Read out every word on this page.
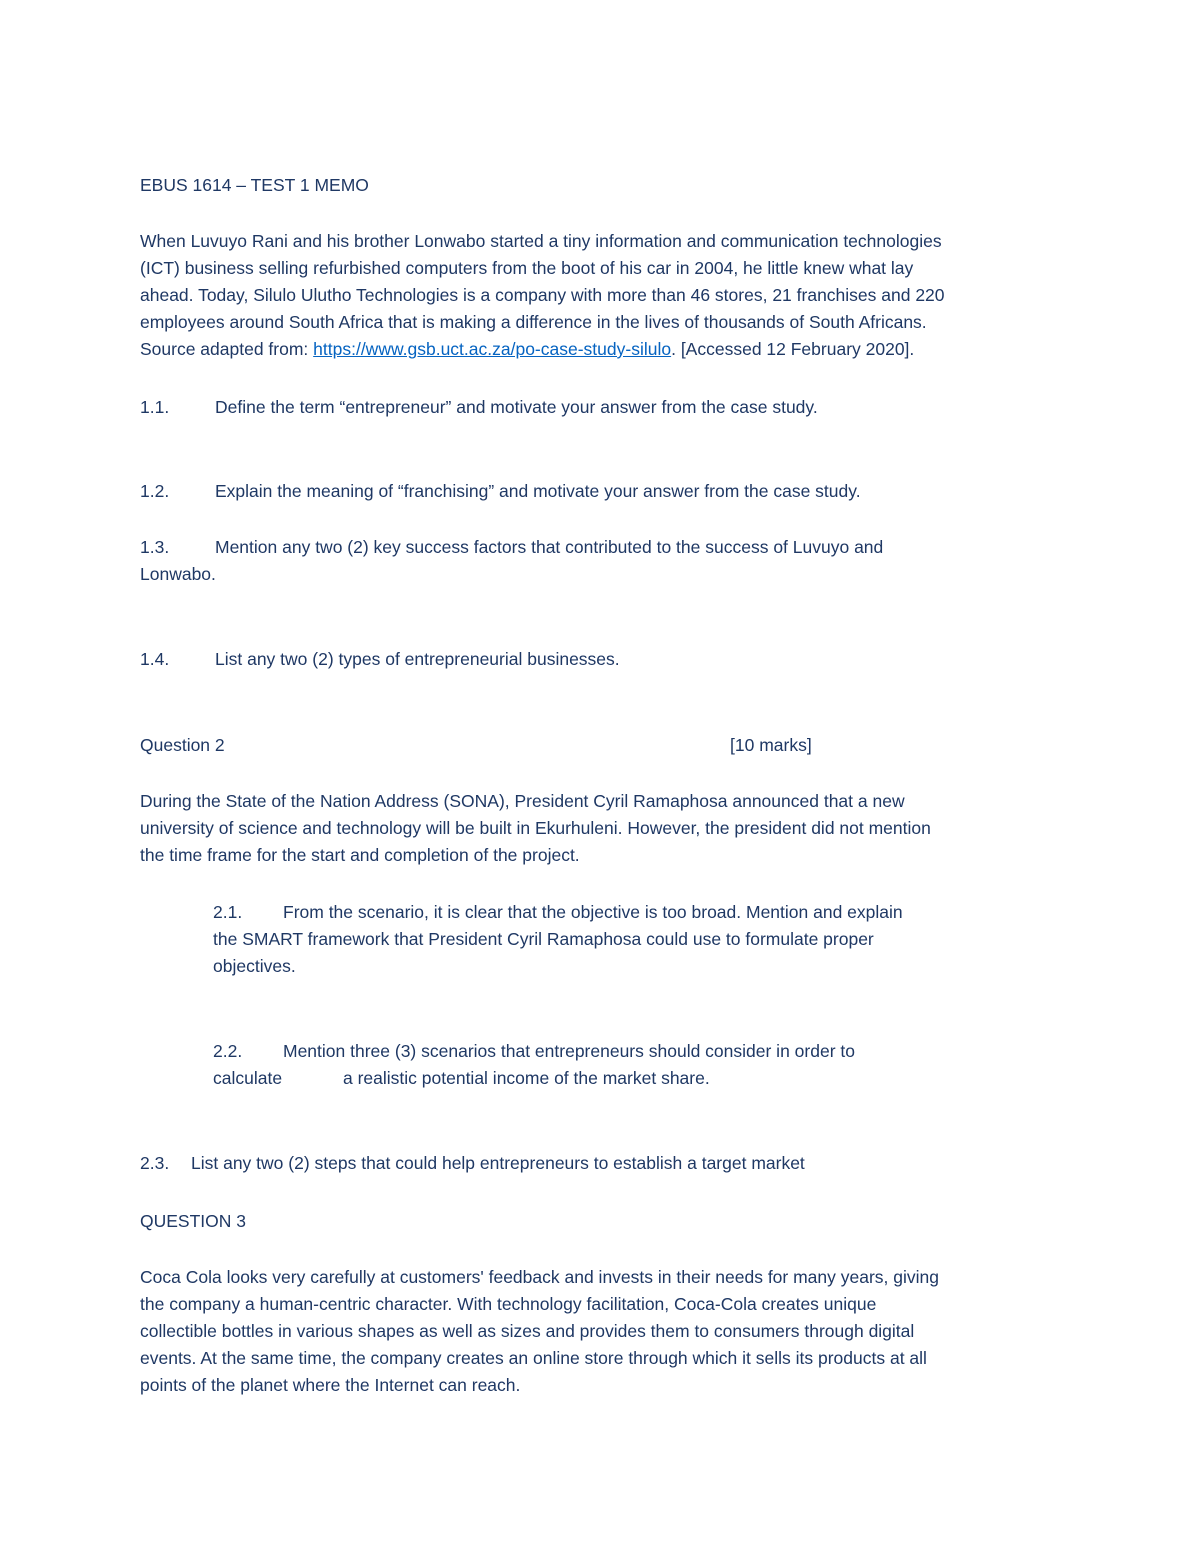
EBUS 1614 – TEST 1 MEMO
When Luvuyo Rani and his brother Lonwabo started a tiny information and communication technologies
(ICT) business selling refurbished computers from the boot of his car in 2004, he little knew what lay
ahead. Today, Silulo Ulutho Technologies is a company with more than 46 stores, 21 franchises and 220
employees around South Africa that is making a difference in the lives of thousands of South Africans.
Source adapted from: https://www.gsb.uct.ac.za/po-case-study-silulo. [Accessed 12 February 2020].
1.1.	Define the term “entrepreneur” and motivate your answer from the case study.
1.2.	Explain the meaning of “franchising” and motivate your answer from the case study.
1.3.	Mention any two (2) key success factors that contributed to the success of Luvuyo and
Lonwabo.
1.4.	List any two (2) types of entrepreneurial businesses.
Question 2	[10 marks]
During the State of the Nation Address (SONA), President Cyril Ramaphosa announced that a new
university of science and technology will be built in Ekurhuleni. However, the president did not mention
the time frame for the start and completion of the project.
2.1. From the scenario, it is clear that the objective is too broad. Mention and explain
the SMART framework that President Cyril Ramaphosa could use to formulate proper
objectives.
2.2. Mention three (3) scenarios that entrepreneurs should consider in order to
calculate	a realistic potential income of the market share.
2.3. List any two (2) steps that could help entrepreneurs to establish a target market
QUESTION 3
Coca Cola looks very carefully at customers' feedback and invests in their needs for many years, giving
the company a human-centric character. With technology facilitation, Coca-Cola creates unique
collectible bottles in various shapes as well as sizes and provides them to consumers through digital
events. At the same time, the company creates an online store through which it sells its products at all
points of the planet where the Internet can reach.
